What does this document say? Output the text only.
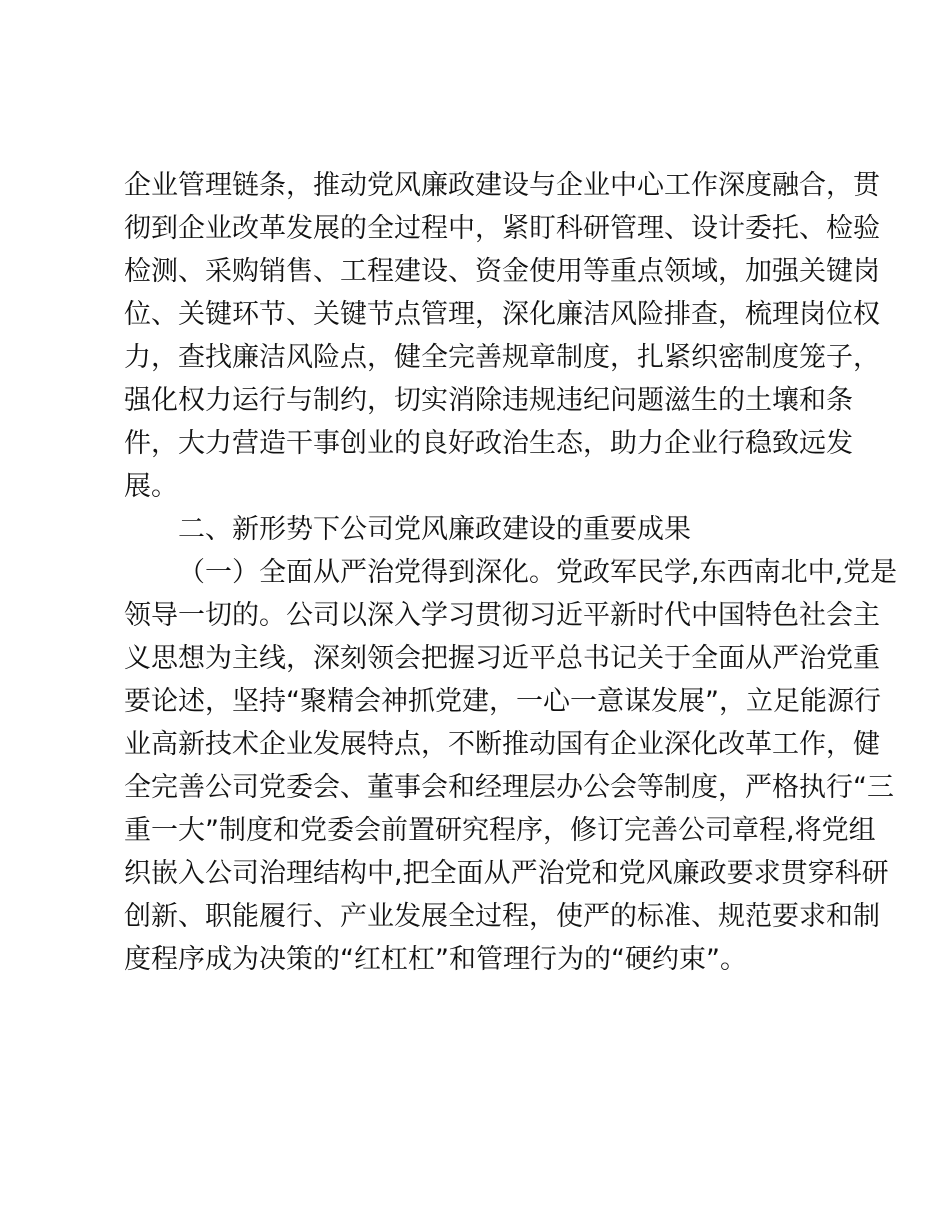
企业管理链条，推动党风廉政建设与企业中心工作深度融合，贯
彻到企业改革发展的全过程中，紧盯科研管理、设计委托、检验
检测、采购销售、工程建设、资金使用等重点领域，加强关键岗
位、关键环节、关键节点管理，深化廉洁风险排查，梳理岗位权
力，查找廉洁风险点，健全完善规章制度，扎紧织密制度笼子，
强化权力运行与制约，切实消除违规违纪问题滋生的土壤和条
件，大力营造干事创业的良好政治生态，助力企业行稳致远发
展。
二、新形势下公司党风廉政建设的重要成果
（一）全面从严治党得到深化。党政军民学,东西南北中,党是
领导一切的。公司以深入学习贯彻习近平新时代中国特色社会主
义思想为主线，深刻领会把握习近平总书记关于全面从严治党重
要论述，坚持“聚精会神抓党建，一心一意谋发展”，立足能源行
业高新技术企业发展特点，不断推动国有企业深化改革工作，健
全完善公司党委会、董事会和经理层办公会等制度，严格执行“三
重一大”制度和党委会前置研究程序，修订完善公司章程,将党组
织嵌入公司治理结构中,把全面从严治党和党风廉政要求贯穿科研
创新、职能履行、产业发展全过程，使严的标准、规范要求和制
度程序成为决策的“红杠杠”和管理行为的“硬约束”。
